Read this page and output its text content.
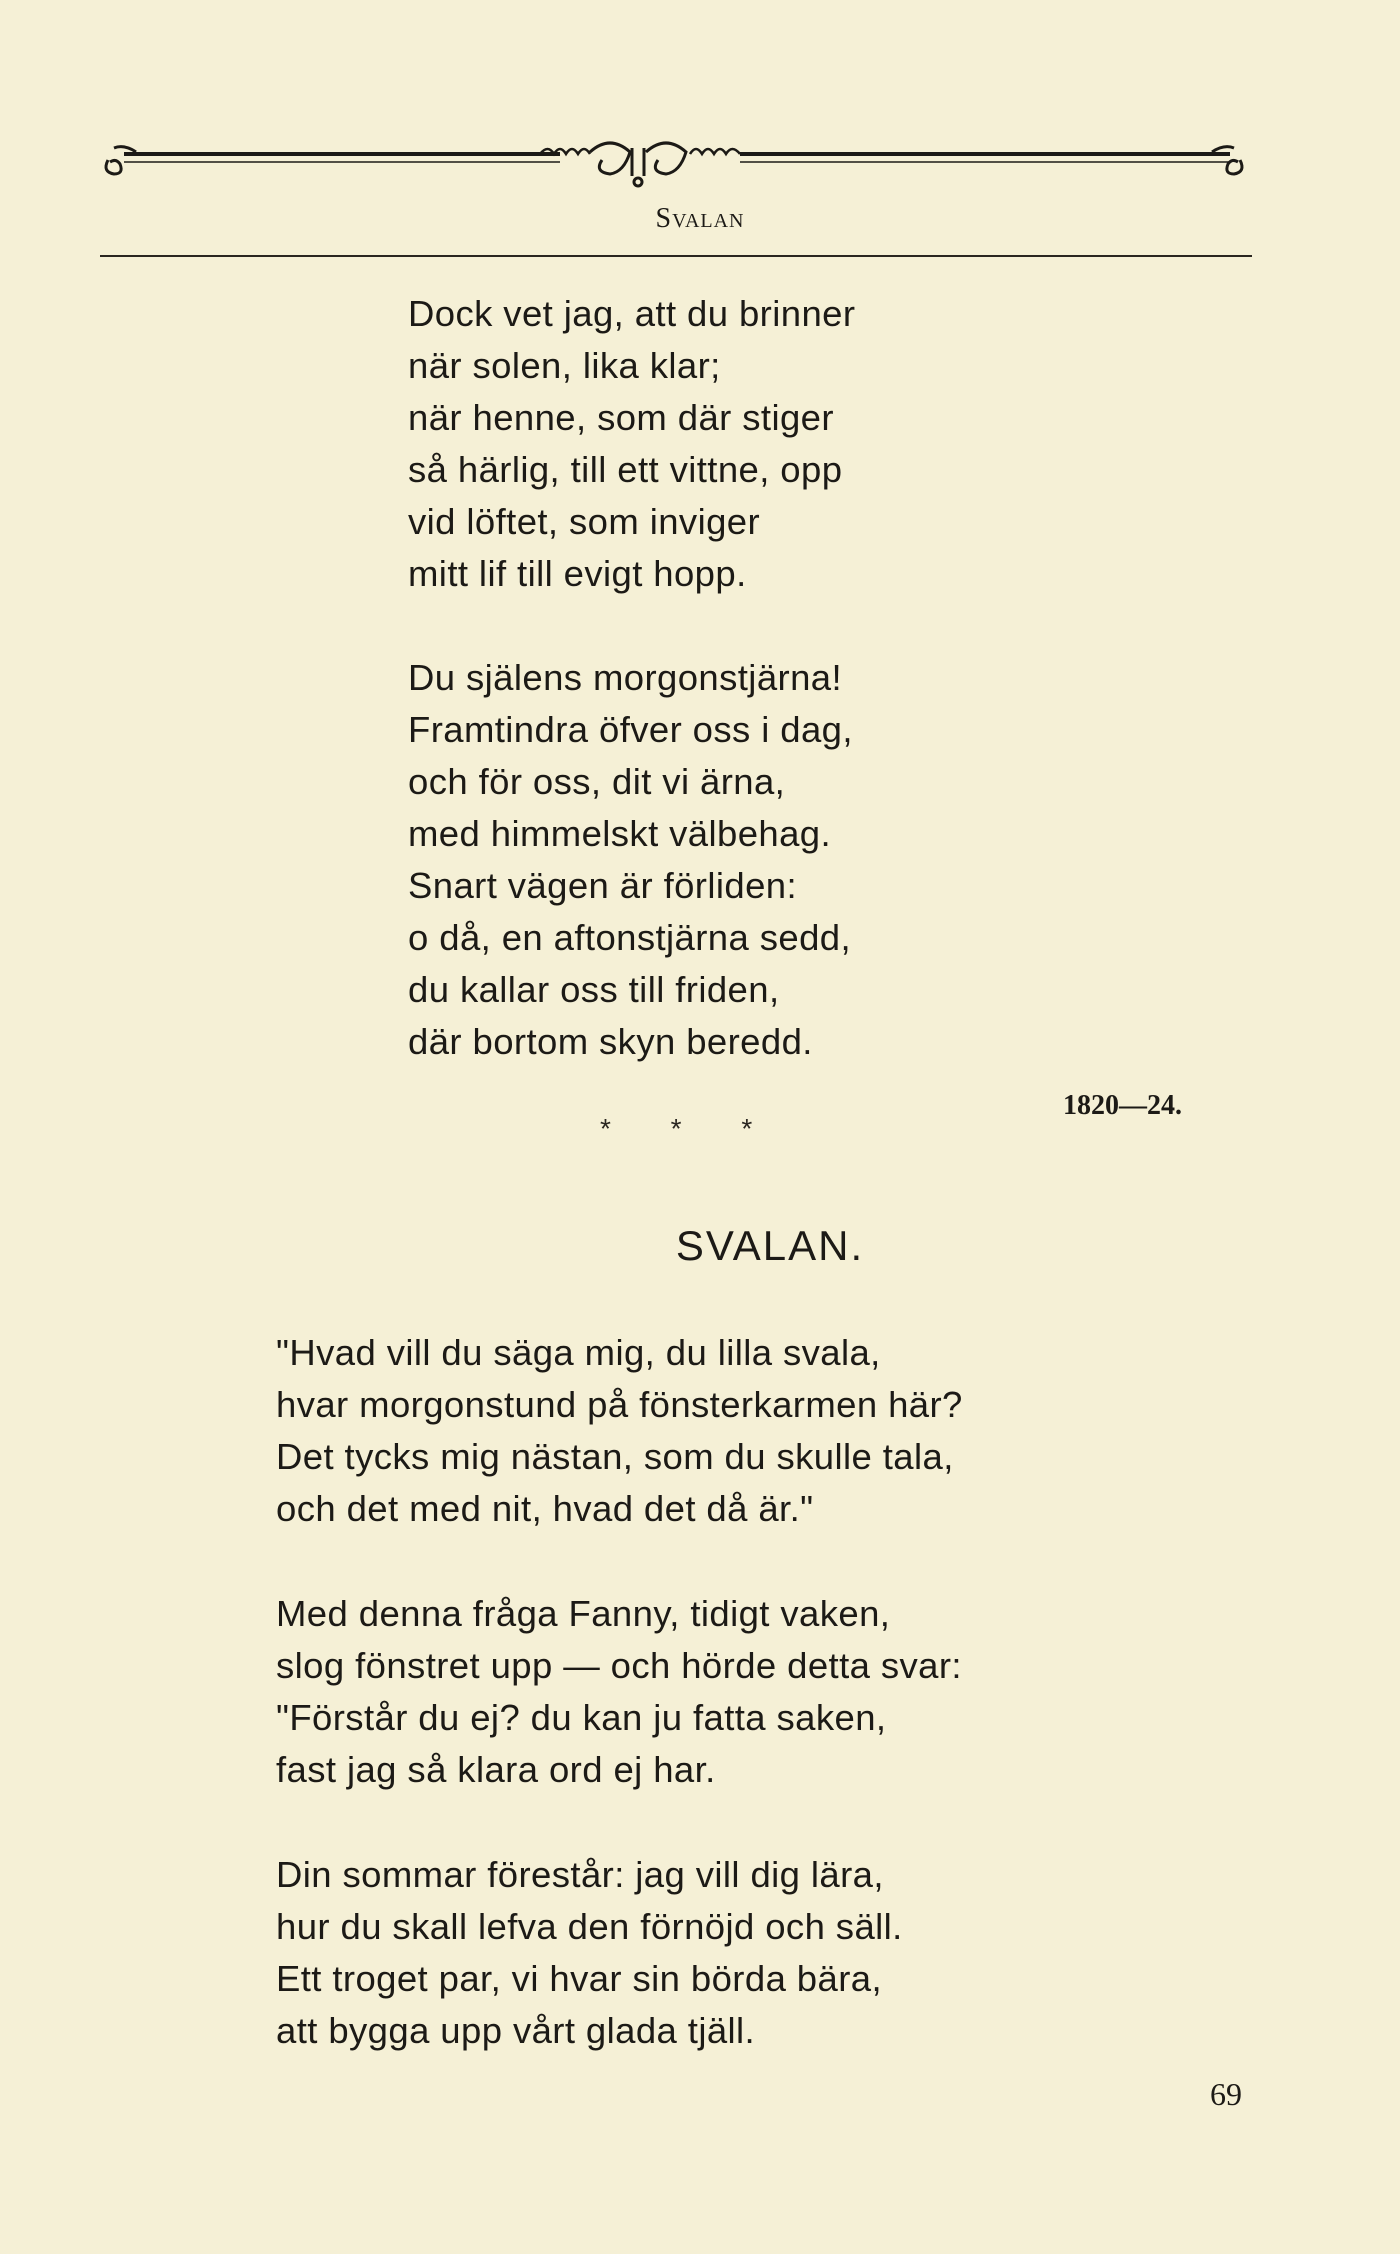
Svalan
Dock vet jag, att du brinner
när solen, lika klar;
när henne, som där stiger
så härlig, till ett vittne, opp
vid löftet, som inviger
mitt lif till evigt hopp.
Du själens morgonstjärna!
Framtindra öfver oss i dag,
och för oss, dit vi ärna,
med himmelskt välbehag.
Snart vägen är förliden:
o då, en aftonstjärna sedd,
du kallar oss till friden,
där bortom skyn beredd.
1820—24.
* * *
SVALAN.
"Hvad vill du säga mig, du lilla svala,
hvar morgonstund på fönsterkarmen här?
Det tycks mig nästan, som du skulle tala,
och det med nit, hvad det då är."
Med denna fråga Fanny, tidigt vaken,
slog fönstret upp — och hörde detta svar:
"Förstår du ej? du kan ju fatta saken,
fast jag så klara ord ej har.
Din sommar förestår: jag vill dig lära,
hur du skall lefva den förnöjd och säll.
Ett troget par, vi hvar sin börda bära,
att bygga upp vårt glada tjäll.
69
